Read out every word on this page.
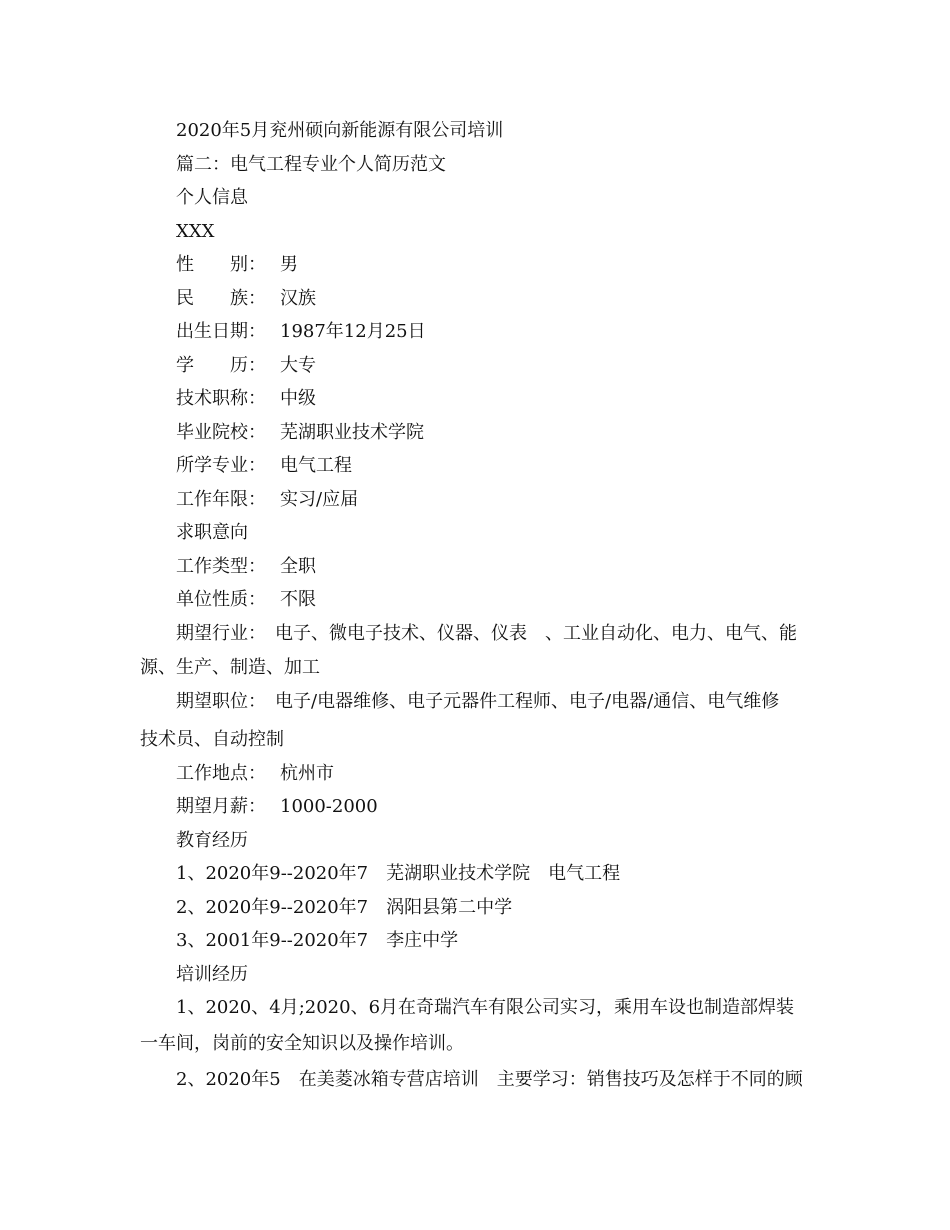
2020年5月兖州硕向新能源有限公司培训
篇二：电气工程专业个人简历范文
个人信息
XXX
性　　别： 男
民　　族： 汉族
出生日期： 1987年12月25日
学　　历： 大专
技术职称： 中级
毕业院校： 芜湖职业技术学院
所学专业： 电气工程
工作年限： 实习/应届
求职意向
工作类型： 全职
单位性质： 不限
期望行业：　电子、微电子技术、仪器、仪表　、工业自动化、电力、电气、能
源、生产、制造、加工
期望职位：　电子/电器维修、电子元器件工程师、电子/电器/通信、电气维修
技术员、自动控制
工作地点： 杭州市
期望月薪： 1000-2000
教育经历
1、2020年9--2020年7　芜湖职业技术学院　电气工程
2、2020年9--2020年7　涡阳县第二中学
3、2001年9--2020年7　李庄中学
培训经历
1、2020、4月;2020、6月在奇瑞汽车有限公司实习，乘用车设也制造部焊装
一车间，岗前的安全知识以及操作培训。
2、2020年5　在美菱冰箱专营店培训　主要学习：销售技巧及怎样于不同的顾
